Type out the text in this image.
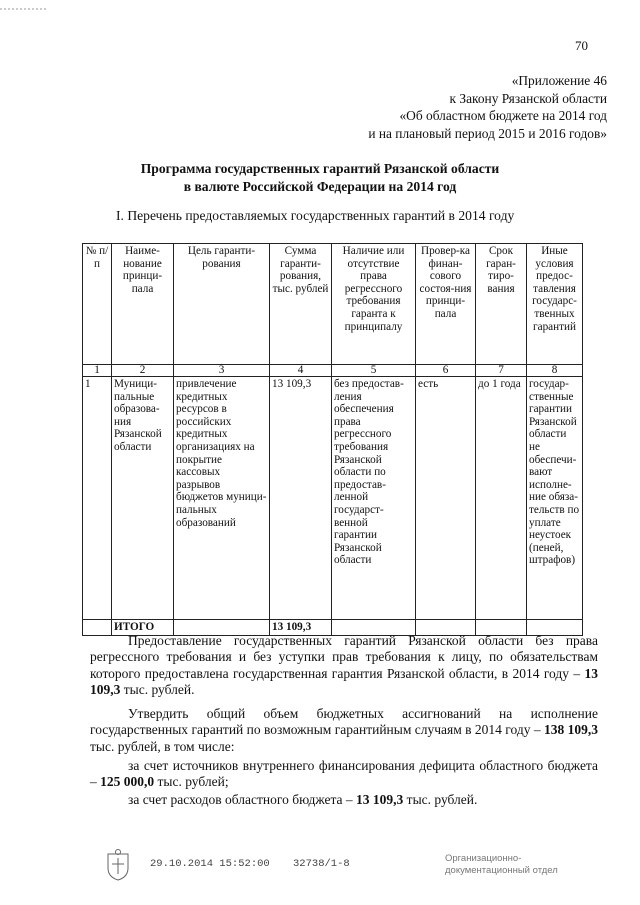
70
«Приложение 46
к Закону Рязанской области
«Об областном бюджете на 2014 год
и на плановый период 2015 и 2016 годов»
Программа государственных гарантий Рязанской области
в валюте Российской Федерации на 2014 год
I. Перечень предоставляемых государственных гарантий в 2014 году
№ п/п	Наиме-нование принци-пала	Цель гаранти-рования	Сумма гаранти-рования, тыс. рублей	Наличие или отсутствие права регрессного требования гаранта к принципалу	Провер-ка финан-сового состоя-ния принци-пала	Срок гаран-тиро-вания	Иные условия предос-тавления государс-твенных гарантий
1	2	3	4	5	6	7	8
1	Муници-пальные образова-ния Рязанской области	привлечение кредитных ресурсов в российских кредитных организациях на покрытие кассовых разрывов бюджетов муници-пальных образований	13 109,3	без предостав-ления обеспечения права регрессного требования Рязанской области по предостав-ленной государст-венной гарантии Рязанской области	есть	до 1 года	государ-ственные гарантии Рязанской области не обеспечи-вают исполне-ние обяза-тельств по уплате неустоек (пеней, штрафов)
	ИТОГО		13 109,3				
Предоставление государственных гарантий Рязанской области без права регрессного требования и без уступки прав требования к лицу, по обязательствам которого предоставлена государственная гарантия Рязанской области, в 2014 году – 13 109,3 тыс. рублей.
Утвердить общий объем бюджетных ассигнований на исполнение государственных гарантий по возможным гарантийным случаям в 2014 году – 138 109,3 тыс. рублей, в том числе:
за счет источников внутреннего финансирования дефицита областного бюджета – 125 000,0 тыс. рублей;
за счет расходов областного бюджета – 13 109,3 тыс. рублей.
29.10.2014 15:52:00 32738/1-8	Организационно-
документационный отдел
